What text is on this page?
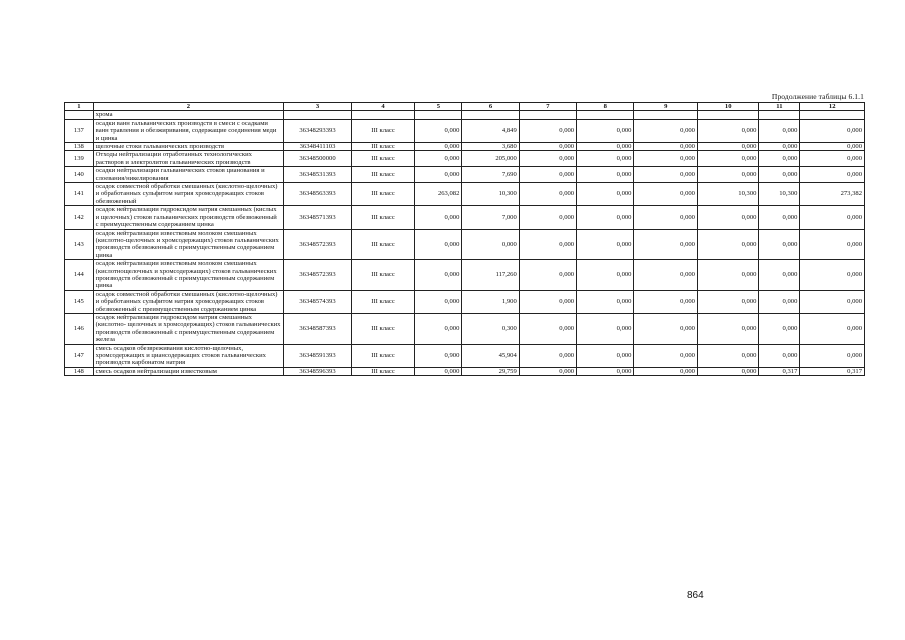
Продолжение таблицы 6.1.1
1	2	3	4	5	6	7	8	9	10	11	12
	хрома										
137	осадки ванн гальванических производств в смеси с осадками ванн травления и обезжиривания, содержащие соединения меди и цинка	36348293393	III класс	0,000	4,849	0,000	0,000	0,000	0,000	0,000	0,000
138	щелочные стоки гальванических производств	36348411103	III класс	0,000	3,680	0,000	0,000	0,000	0,000	0,000	0,000
139	Отходы нейтрализации отработанных технологических растворов и электролитов гальванических производств	36348500000	III класс	0,000	205,000	0,000	0,000	0,000	0,000	0,000	0,000
140	осадки нейтрализации гальванических стоков цианования и слоевания/никелирования	36348531393	III класс	0,000	7,690	0,000	0,000	0,000	0,000	0,000	0,000
141	осадок совместной обработки смешанных (кислотно-щелочных) и обработанных сульфитом натрия хромсодержащих стоков обезвоженный	36348563393	III класс	263,082	10,300	0,000	0,000	0,000	10,300	10,300	273,382
142	осадок нейтрализации гидроксидом натрия смешанных (кислых и щелочных) стоков гальванических производств обезвоженный с преимущественным содержанием цинка	36348571393	III класс	0,000	7,000	0,000	0,000	0,000	0,000	0,000	0,000
143	осадок нейтрализации известковым молоком смешанных (кислотно-щелочных и хромсодержащих) стоков гальванических производств обезвоженный с преимущественным содержанием цинка	36348572393	III класс	0,000	0,000	0,000	0,000	0,000	0,000	0,000	0,000
144	осадок нейтрализации известковым молоком смешанных (кислотнощелочных и хромсодержащих) стоков гальванических производств обезвоженный с преимущественным содержанием цинка	36348572393	III класс	0,000	117,260	0,000	0,000	0,000	0,000	0,000	0,000
145	осадок совместной обработки смешанных (кислотно-щелочных) и обработанных сульфитом натрия хромсодержащих стоков обезвоженный с преимущественным содержанием цинка	36348574393	III класс	0,000	1,900	0,000	0,000	0,000	0,000	0,000	0,000
146	осадок нейтрализации гидроксидом натрия смешанных (кислотно- щелочных и хромсодержащих) стоков гальванических производств обезвоженный с преимущественным содержанием железа	36348587393	III класс	0,000	0,300	0,000	0,000	0,000	0,000	0,000	0,000
147	смесь осадков обезвреживания кислотно-щелочных, хромсодержащих и циансодержащих стоков гальванических производств карбонатом натрия	36348591393	III класс	0,900	45,904	0,000	0,000	0,000	0,000	0,000	0,000
148	смесь осадков нейтрализации известковым	36348596393	III класс	0,000	29,759	0,000	0,000	0,000	0,000	0,317	0,317
864
